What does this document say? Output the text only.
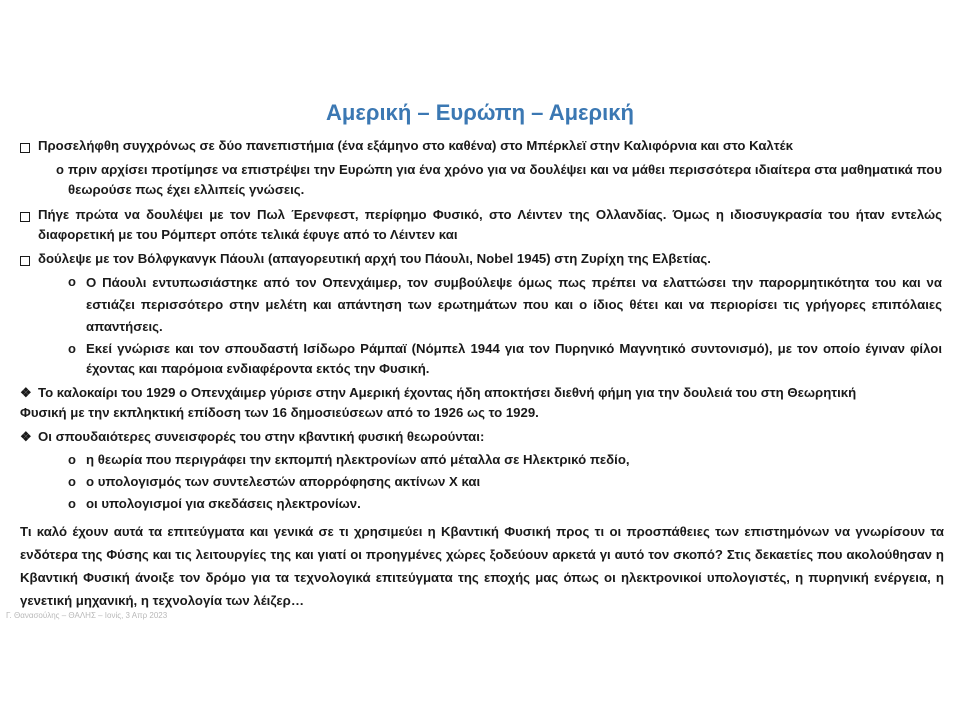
Αμερική – Ευρώπη – Αμερική
Προσελήφθη συγχρόνως σε δύο πανεπιστήμια (ένα εξάμηνο στο καθένα) στο Μπέρκλεϊ στην Καλιφόρνια και στο Καλτέκ
o πριν αρχίσει προτίμησε να επιστρέψει την Ευρώπη για ένα χρόνο για να δουλέψει και να μάθει περισσότερα ιδιαίτερα στα μαθηματικά που θεωρούσε πως έχει ελλιπείς γνώσεις.
Πήγε πρώτα να δουλέψει με τον Πωλ Έρενφεστ, περίφημο Φυσικό, στο Λέιντεν της Ολλανδίας. Όμως η ιδιοσυγκρασία του ήταν εντελώς διαφορετική με του Ρόμπερτ οπότε τελικά έφυγε από το Λέιντεν και
δούλεψε με τον Βόλφγκανγκ Πάουλι (απαγορευτική αρχή του Πάουλι, Nobel 1945) στη Ζυρίχη της Ελβετίας.
o Ο Πάουλι εντυπωσιάστηκε από τον Οπενχάιμερ, τον συμβούλεψε όμως πως πρέπει να ελαττώσει την παρορμητικότητα του και να εστιάζει περισσότερο στην μελέτη και απάντηση των ερωτημάτων που και ο ίδιος θέτει και να περιορίσει τις γρήγορες επιπόλαιες απαντήσεις.
o Εκεί γνώρισε και τον σπουδαστή Ισίδωρο Ράμπαϊ (Νόμπελ 1944 για τον Πυρηνικό Μαγνητικό συντονισμό), με τον οποίο έγιναν φίλοι έχοντας και παρόμοια ενδιαφέροντα εκτός την Φυσική.
❖ Το καλοκαίρι του 1929 ο Οπενχάιμερ γύρισε στην Αμερική έχοντας ήδη αποκτήσει διεθνή φήμη για την δουλειά του στη Θεωρητική Φυσική με την εκπληκτική επίδοση των 16 δημοσιεύσεων από το 1926 ως το 1929.
❖ Οι σπουδαιότερες συνεισφορές του στην κβαντική φυσική θεωρούνται:
o η θεωρία που περιγράφει την εκπομπή ηλεκτρονίων από μέταλλα σε Ηλεκτρικό πεδίο,
o ο υπολογισμός των συντελεστών απορρόφησης ακτίνων Χ και
o οι υπολογισμοί για σκεδάσεις ηλεκτρονίων.
Τι καλό έχουν αυτά τα επιτεύγματα και γενικά σε τι χρησιμεύει η Κβαντική Φυσική προς τι οι προσπάθειες των επιστημόνων να γνωρίσουν τα ενδότερα της Φύσης και τις λειτουργίες της και γιατί οι προηγμένες χώρες ξοδεύουν αρκετά γι αυτό τον σκοπό? Στις δεκαετίες που ακολούθησαν η Κβαντική Φυσική άνοιξε τον δρόμο για τα τεχνολογικά επιτεύγματα της εποχής μας όπως οι ηλεκτρονικοί υπολογιστές, η πυρηνική ενέργεια, η γενετική μηχανική, η τεχνολογία των λέιζερ…
Γ. Θανασούλης – ΘΑΛΗΣ – Ιονίς, 3 Απρ 2023
